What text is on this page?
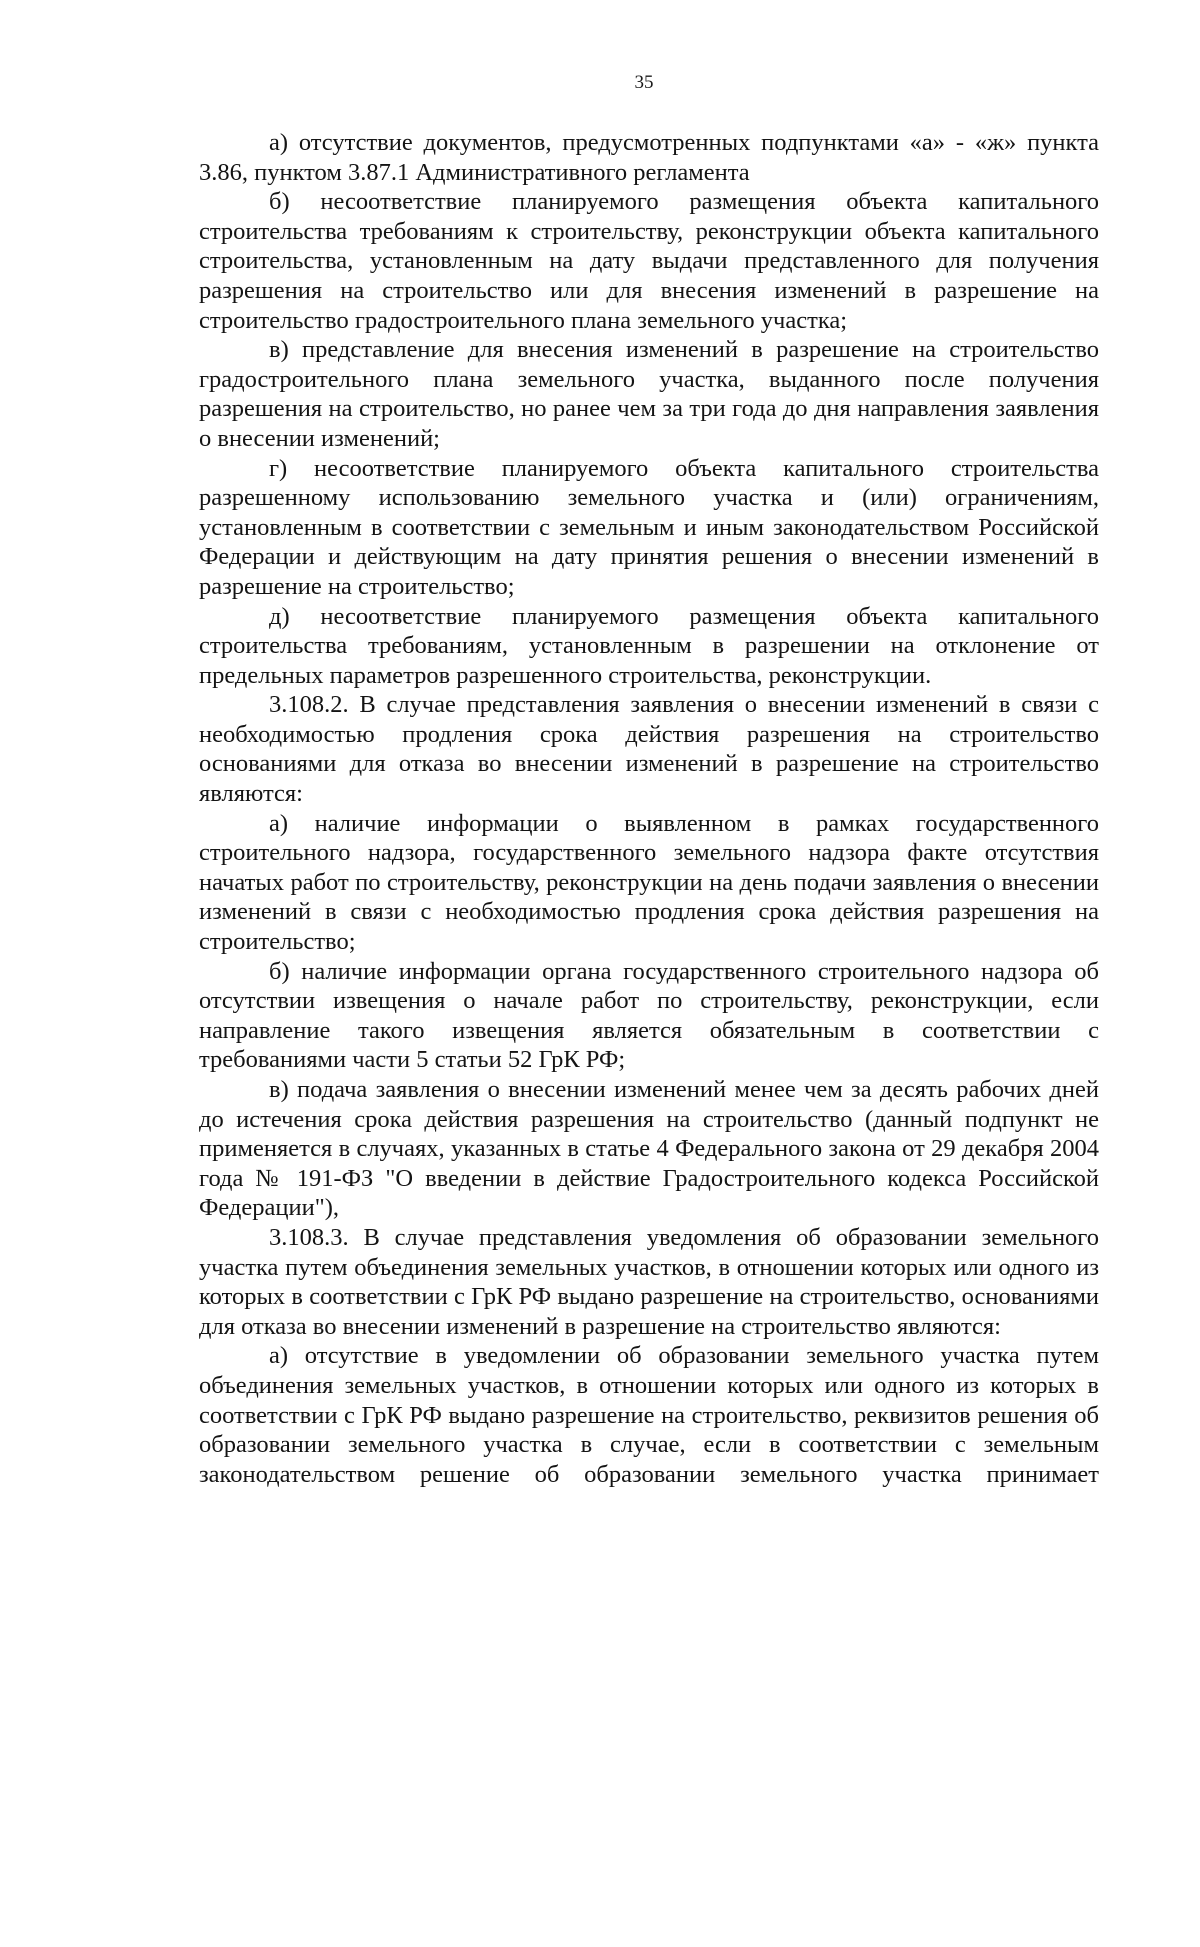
35

а) отсутствие документов, предусмотренных подпунктами «а» - «ж» пункта 3.86, пунктом 3.87.1 Административного регламента

б) несоответствие планируемого размещения объекта капитального строительства требованиям к строительству, реконструкции объекта капитального строительства, установленным на дату выдачи представленного для получения разрешения на строительство или для внесения изменений в разрешение на строительство градостроительного плана земельного участка;

в) представление для внесения изменений в разрешение на строительство градостроительного плана земельного участка, выданного после получения разрешения на строительство, но ранее чем за три года до дня направления заявления о внесении изменений;

г) несоответствие планируемого объекта капитального строительства разрешенному использованию земельного участка и (или) ограничениям, установленным в соответствии с земельным и иным законодательством Российской Федерации и действующим на дату принятия решения о внесении изменений в разрешение на строительство;

д) несоответствие планируемого размещения объекта капитального строительства требованиям, установленным в разрешении на отклонение от предельных параметров разрешенного строительства, реконструкции.

3.108.2. В случае представления заявления о внесении изменений в связи с необходимостью продления срока действия разрешения на строительство основаниями для отказа во внесении изменений в разрешение на строительство являются:

а) наличие информации о выявленном в рамках государственного строительного надзора, государственного земельного надзора факте отсутствия начатых работ по строительству, реконструкции на день подачи заявления о внесении изменений в связи с необходимостью продления срока действия разрешения на строительство;

б) наличие информации органа государственного строительного надзора об отсутствии извещения о начале работ по строительству, реконструкции, если направление такого извещения является обязательным в соответствии с требованиями части 5 статьи 52 ГрК РФ;

в) подача заявления о внесении изменений менее чем за десять рабочих дней до истечения срока действия разрешения на строительство (данный подпункт не применяется в случаях, указанных в статье 4 Федерального закона от 29 декабря 2004 года № 191-ФЗ "О введении в действие Градостроительного кодекса Российской Федерации"),

3.108.3. В случае представления уведомления об образовании земельного участка путем объединения земельных участков, в отношении которых или одного из которых в соответствии с ГрК РФ выдано разрешение на строительство, основаниями для отказа во внесении изменений в разрешение на строительство являются:

а) отсутствие в уведомлении об образовании земельного участка путем объединения земельных участков, в отношении которых или одного из которых в соответствии с ГрК РФ выдано разрешение на строительство, реквизитов решения об образовании земельного участка в случае, если в соответствии с земельным законодательством решение об образовании земельного участка принимает
